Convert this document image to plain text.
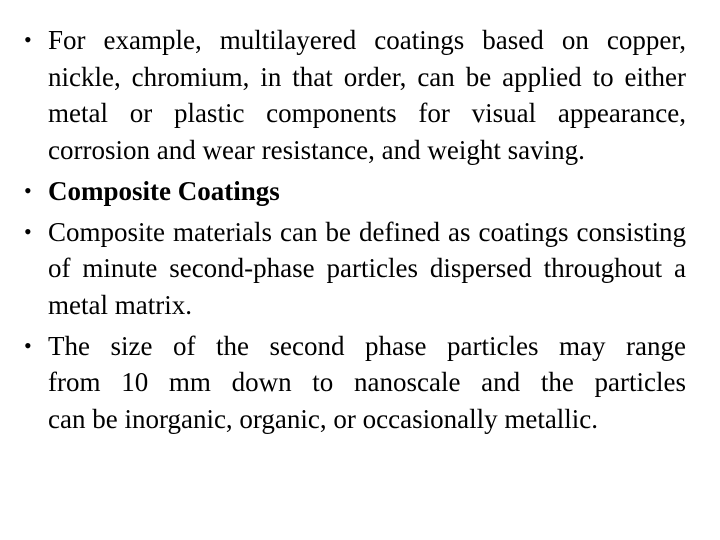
• For example, multilayered coatings based on copper, nickle, chromium, in that order, can be applied to either metal or plastic components for visual appearance, corrosion and wear resistance, and weight saving.
• Composite Coatings
• Composite materials can be defined as coatings consisting of minute second-phase particles dispersed throughout a metal matrix.
• The size of the second phase particles may range
from 10 mm down to nanoscale and the particles
can be inorganic, organic, or occasionally metallic.
